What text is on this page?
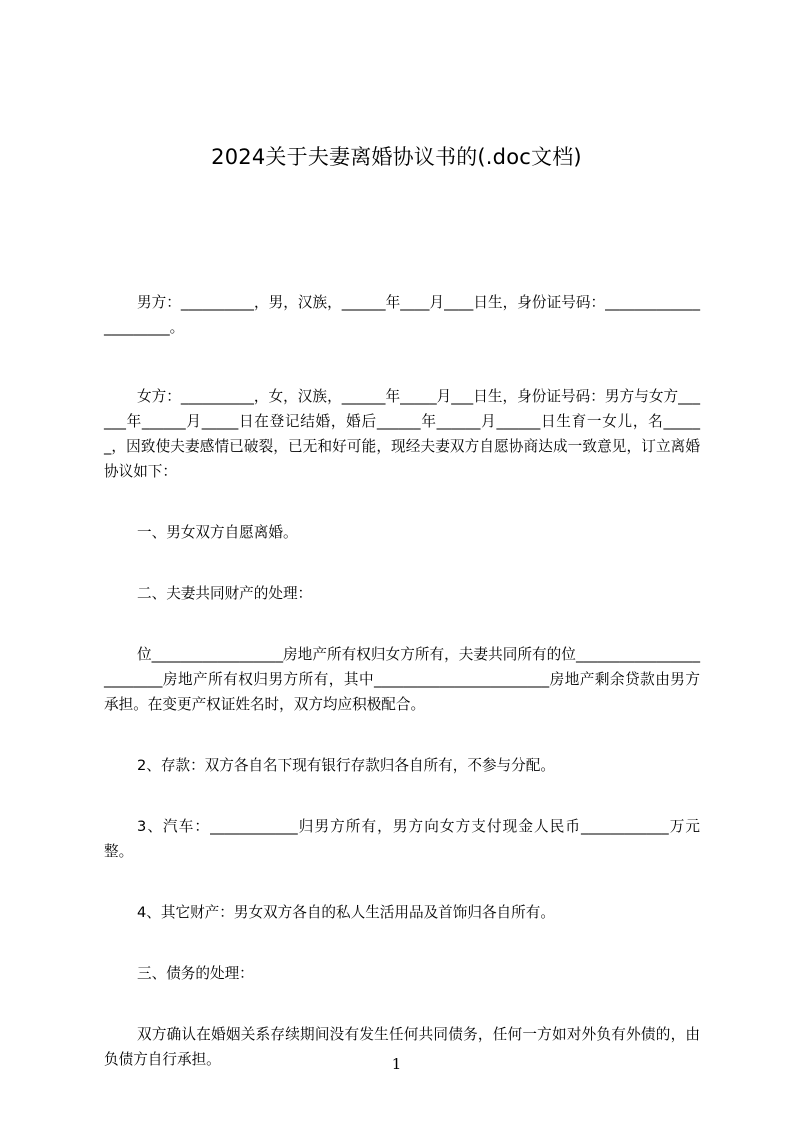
2024关于夫妻离婚协议书的(.doc文档)

男方：__________，男，汉族，______年____月____日生，身份证号码：______________________。

女方：__________，女，汉族，______年_____月___日生，身份证号码：男方与女方______年______月_____日在登记结婚，婚后______年______月______日生育一女儿，名______，因致使夫妻感情已破裂，已无和好可能，现经夫妻双方自愿协商达成一致意见，订立离婚协议如下：

一、男女双方自愿离婚。

二、夫妻共同财产的处理：

位__________________房地产所有权归女方所有，夫妻共同所有的位_________________________房地产所有权归男方所有，其中________________________房地产剩余贷款由男方承担。在变更产权证姓名时，双方均应积极配合。

2、存款：双方各自名下现有银行存款归各自所有，不参与分配。

3、汽车：____________归男方所有，男方向女方支付现金人民币____________万元整。

4、其它财产：男女双方各自的私人生活用品及首饰归各自所有。

三、债务的处理：

双方确认在婚姻关系存续期间没有发生任何共同债务，任何一方如对外负有外债的，由负债方自行承担。	1
